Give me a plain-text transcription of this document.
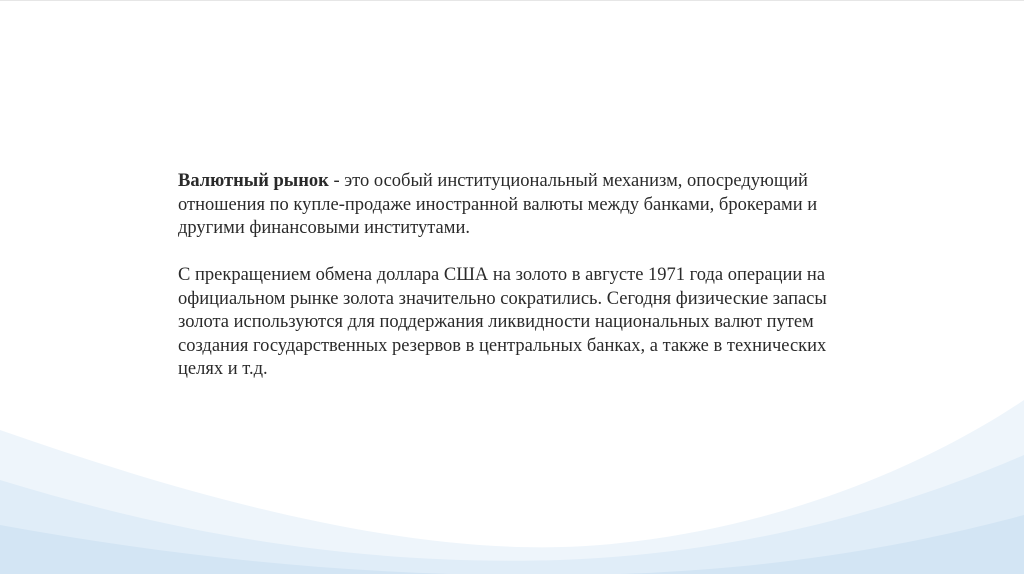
Валютный рынок - это особый институциональный механизм, опосредующий отношения по купле-продаже иностранной валюты между банками, брокерами и другими финансовыми институтами.

С прекращением обмена доллара США на золото в августе 1971 года операции на официальном рынке золота значительно сократились. Сегодня физические запасы золота используются для поддержания ликвидности национальных валют путем создания государственных резервов в центральных банках, а также в технических целях и т.д.
